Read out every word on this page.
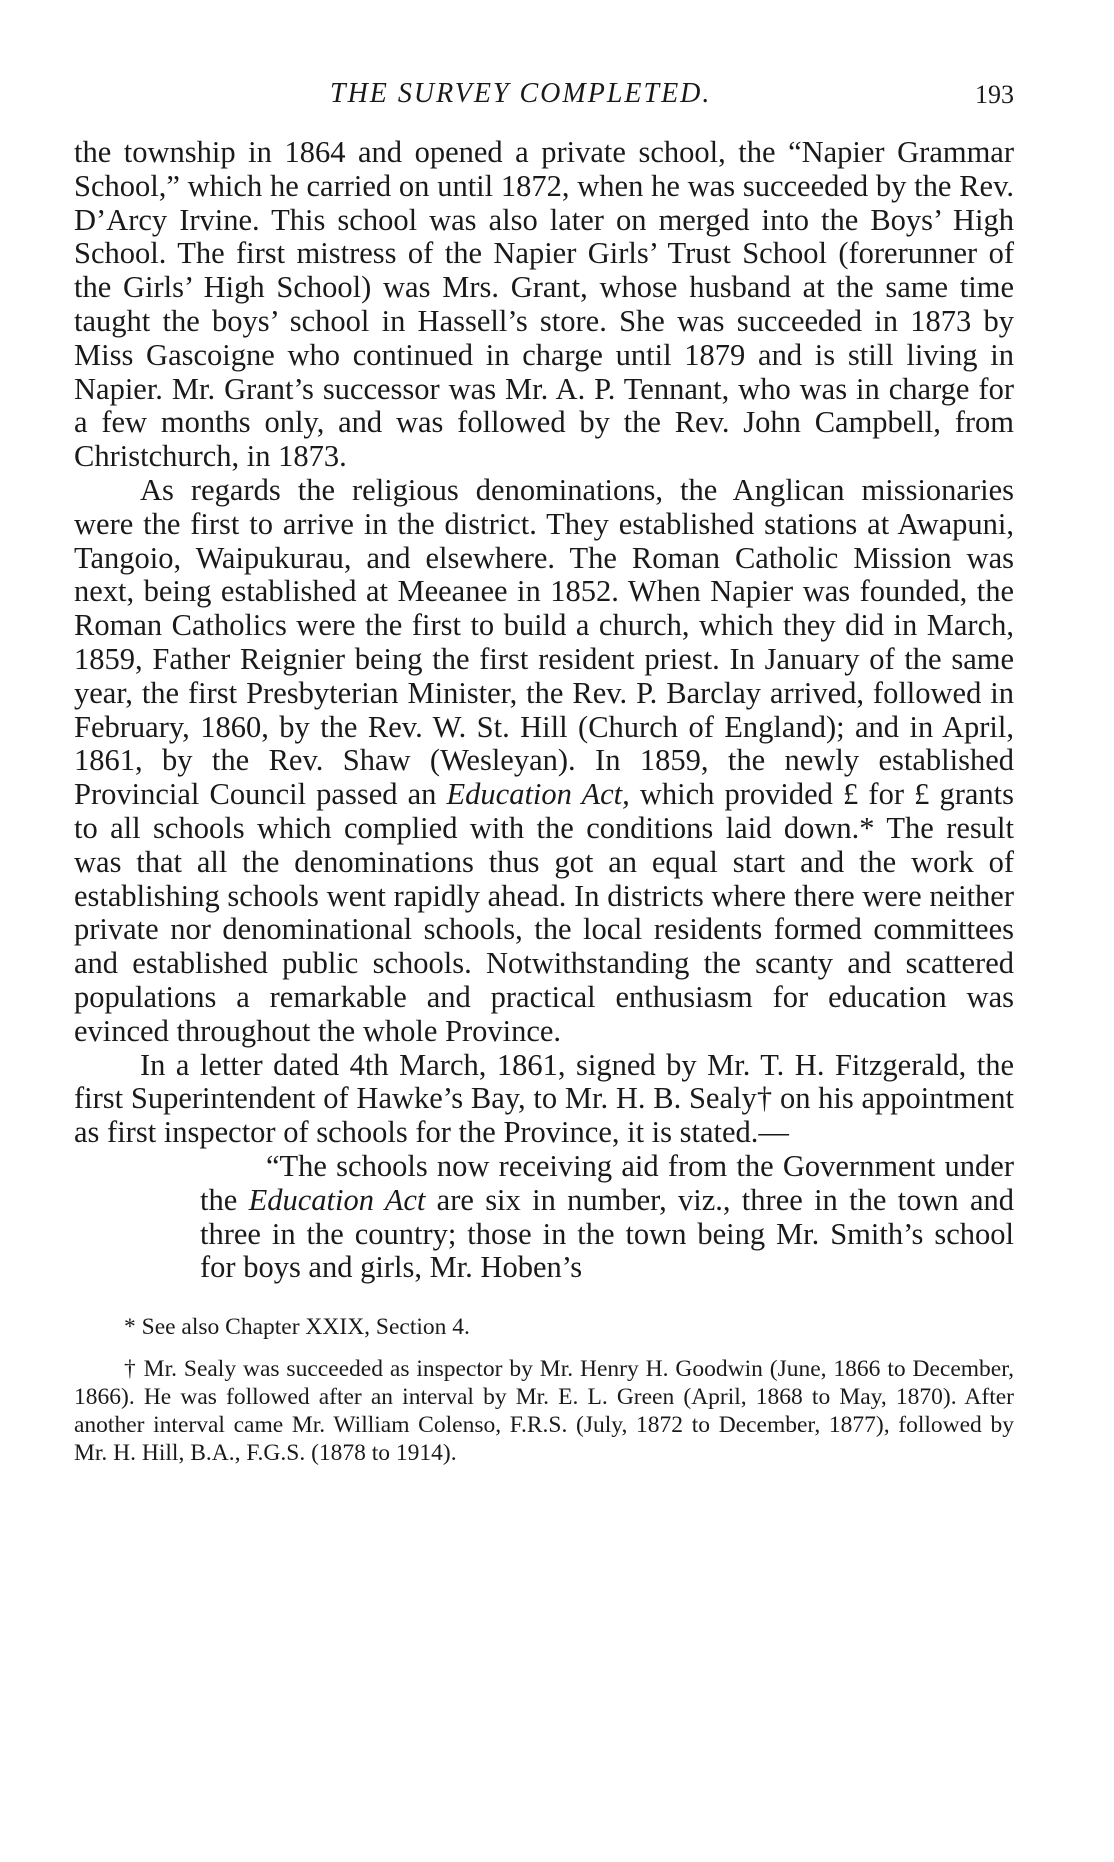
THE SURVEY COMPLETED.	193

the township in 1864 and opened a private school, the “Napier Grammar School,” which he carried on until 1872, when he was succeeded by the Rev. D’Arcy Irvine. This school was also later on merged into the Boys’ High School. The first mistress of the Napier Girls’ Trust School (forerunner of the Girls’ High School) was Mrs. Grant, whose husband at the same time taught the boys’ school in Hassell’s store. She was succeeded in 1873 by Miss Gascoigne who continued in charge until 1879 and is still living in Napier. Mr. Grant’s successor was Mr. A. P. Tennant, who was in charge for a few months only, and was followed by the Rev. John Campbell, from Christchurch, in 1873.

As regards the religious denominations, the Anglican missionaries were the first to arrive in the district. They established stations at Awapuni, Tangoio, Waipukurau, and elsewhere. The Roman Catholic Mission was next, being established at Meeanee in 1852. When Napier was founded, the Roman Catholics were the first to build a church, which they did in March, 1859, Father Reignier being the first resident priest. In January of the same year, the first Presbyterian Minister, the Rev. P. Barclay arrived, followed in February, 1860, by the Rev. W. St. Hill (Church of England); and in April, 1861, by the Rev. Shaw (Wesleyan). In 1859, the newly established Provincial Council passed an Education Act, which provided £ for £ grants to all schools which complied with the conditions laid down.* The result was that all the denominations thus got an equal start and the work of establishing schools went rapidly ahead. In districts where there were neither private nor denominational schools, the local residents formed committees and established public schools. Notwithstanding the scanty and scattered populations a remarkable and practical enthusiasm for education was evinced throughout the whole Province.

In a letter dated 4th March, 1861, signed by Mr. T. H. Fitzgerald, the first Superintendent of Hawke’s Bay, to Mr. H. B. Sealy† on his appointment as first inspector of schools for the Province, it is stated.—

“The schools now receiving aid from the Government under the Education Act are six in number, viz., three in the town and three in the country; those in the town being Mr. Smith’s school for boys and girls, Mr. Hoben’s

* See also Chapter XXIX, Section 4.

† Mr. Sealy was succeeded as inspector by Mr. Henry H. Goodwin (June, 1866 to December, 1866). He was followed after an interval by Mr. E. L. Green (April, 1868 to May, 1870). After another interval came Mr. William Colenso, F.R.S. (July, 1872 to December, 1877), followed by Mr. H. Hill, B.A., F.G.S. (1878 to 1914).
